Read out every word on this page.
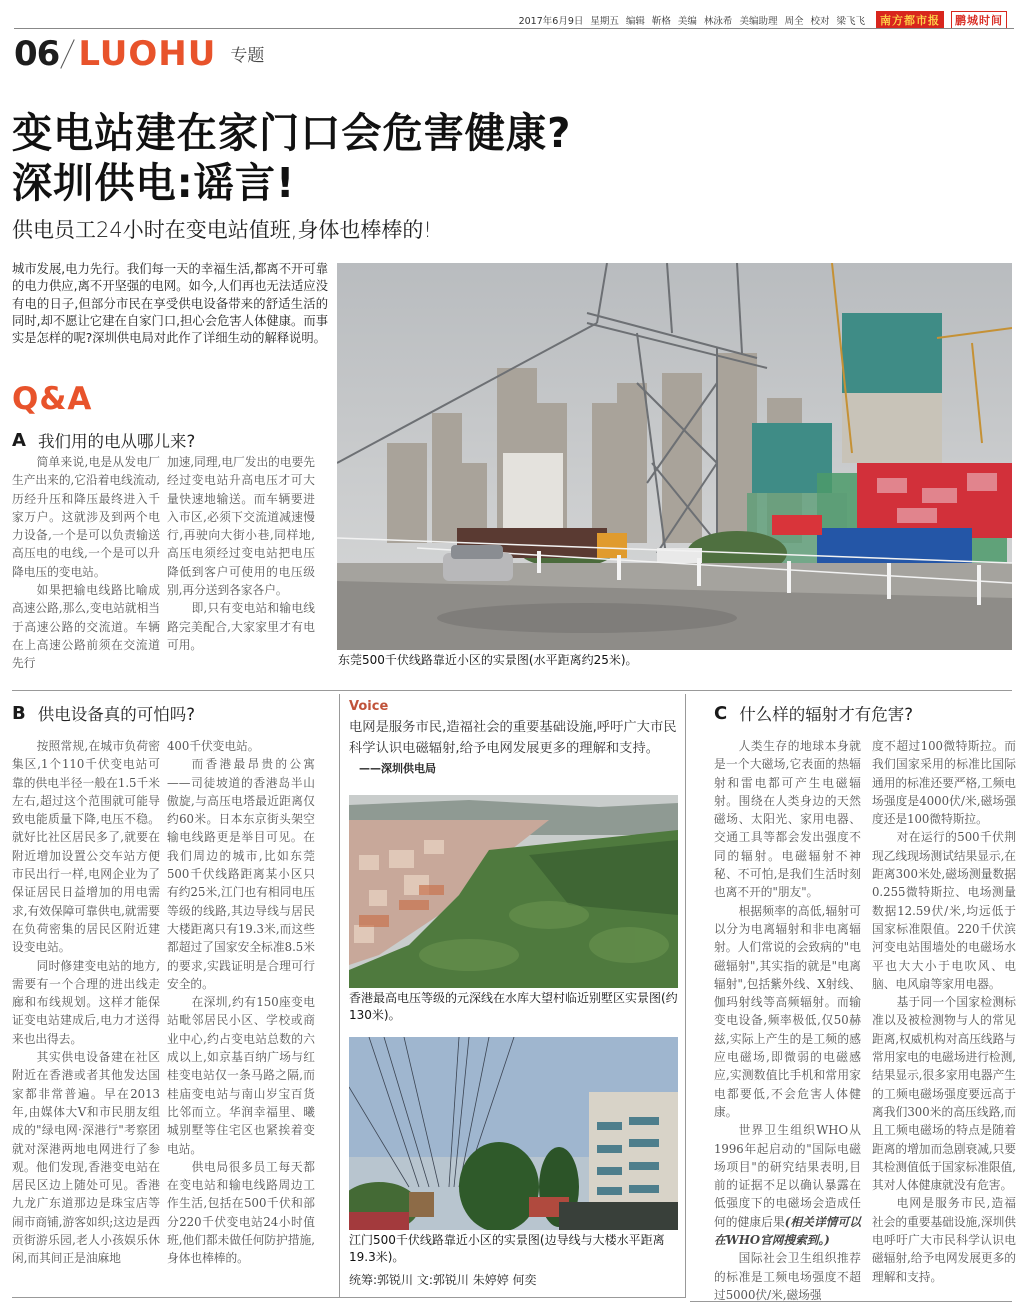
2017年6月9日 星期五 编辑 靳格 美编 林泳希 美编助理 周全 校对 梁飞飞	南方都市报	鹏城时间
06 LUOHU 专题
变电站建在家门口会危害健康?
深圳供电:谣言!
供电员工24小时在变电站值班,身体也棒棒的!
城市发展,电力先行。我们每一天的幸福生活,都离不开可靠的电力供应,离不开坚强的电网。如今,人们再也无法适应没有电的日子,但部分市民在享受供电设备带来的舒适生活的同时,却不愿让它建在自家门口,担心会危害人体健康。而事实是怎样的呢?深圳供电局对此作了详细生动的解释说明。
Q&A
A 我们用的电从哪儿来?

简单来说,电是从发电厂生产出来的,它沿着电线流动,历经升压和降压最终进入千家万户。这就涉及到两个电力设备,一个是可以负责输送高压电的电线,一个是可以升降电压的变电站。

如果把输电线路比喻成高速公路,那么,变电站就相当于高速公路的交流道。车辆在上高速公路前须在交流道先行

加速,同理,电厂发出的电要先经过变电站升高电压才可大量快速地输送。而车辆要进入市区,必须下交流道减速慢行,再驶向大街小巷,同样地,高压电须经过变电站把电压降低到客户可使用的电压级别,再分送到各家各户。

即,只有变电站和输电线路完美配合,大家家里才有电可用。

东莞500千伏线路靠近小区的实景图(水平距离约25米)。
B 供电设备真的可怕吗?

按照常规,在城市负荷密集区,1个110千伏变电站可靠的供电半径一般在1.5千米左右,超过这个范围就可能导致电能质量下降,电压不稳。就好比社区居民多了,就要在附近增加设置公交车站方便市民出行一样,电网企业为了保证居民日益增加的用电需求,有效保障可靠供电,就需要在负荷密集的居民区附近建设变电站。

同时修建变电站的地方,需要有一个合理的进出线走廊和布线规划。这样才能保证变电站建成后,电力才送得来也出得去。

其实供电设备建在社区附近在香港或者其他发达国家都非常普遍。早在2013年,由媒体大V和市民朋友组成的"绿电网·深港行"考察团就对深港两地电网进行了参观。他们发现,香港变电站在居民区边上随处可见。香港九龙广东道那边是珠宝店等闹市商铺,游客如织;这边是西贡街游乐园,老人小孩娱乐休闲,而其间正是油麻地

400千伏变电站。

而香港最昂贵的公寓——司徒坡道的香港岛半山傲旋,与高压电塔最近距离仅约60米。日本东京街头架空输电线路更是举目可见。在我们周边的城市,比如东莞500千伏线路距离某小区只有约25米,江门也有相同电压等级的线路,其边导线与居民大楼距离只有19.3米,而这些都超过了国家安全标准8.5米的要求,实践证明是合理可行安全的。

在深圳,约有150座变电站毗邻居民小区、学校或商业中心,约占变电站总数的六成以上,如京基百纳广场与红桂变电站仅一条马路之隔,而桂庙变电站与南山岁宝百货比邻而立。华润幸福里、曦城别墅等住宅区也紧挨着变电站。

供电局很多员工每天都在变电站和输电线路周边工作生活,包括在500千伏和部分220千伏变电站24小时值班,他们都未做任何防护措施,身体也棒棒的。

Voice
电网是服务市民,造福社会的重要基础设施,呼吁广大市民科学认识电磁辐射,给予电网发展更多的理解和支持。——深圳供电局
香港最高电压等级的元深线在水库大望村临近别墅区实景图(约130米)。
江门500千伏线路靠近小区的实景图(边导线与大楼水平距离19.3米)。
统筹:郭锐川 文:郭锐川 朱婷婷 何奕
C 什么样的辐射才有危害?

人类生存的地球本身就是一个大磁场,它表面的热辐射和雷电都可产生电磁辐射。围绕在人类身边的天然磁场、太阳光、家用电器、交通工具等都会发出强度不同的辐射。电磁辐射不神秘、不可怕,是我们生活时刻也离不开的"朋友"。

根据频率的高低,辐射可以分为电离辐射和非电离辐射。人们常说的会致病的"电磁辐射",其实指的就是"电离辐射",包括紫外线、X射线、伽玛射线等高频辐射。而输变电设备,频率极低,仅50赫兹,实际上产生的是工频的感应电磁场,即微弱的电磁感应,实测数值比手机和常用家电都要低,不会危害人体健康。

世界卫生组织WHO从1996年起启动的"国际电磁场项目"的研究结果表明,目前的证据不足以确认暴露在低强度下的电磁场会造成任何的健康后果(相关详情可以在WHO官网搜索到。)

国际社会卫生组织推荐的标准是工频电场强度不超过5000伏/米,磁场强

度不超过100微特斯拉。而我们国家采用的标准比国际通用的标准还要严格,工频电场强度是4000伏/米,磁场强度还是100微特斯拉。

对在运行的500千伏荆现乙线现场测试结果显示,在距离300米处,磁场测量数据0.255微特斯拉、电场测量数据12.59伏/米,均远低于国家标准限值。220千伏滨河变电站围墙处的电磁场水平也大大小于电吹风、电脑、电风扇等家用电器。

基于同一个国家检测标准以及被检测物与人的常见距离,权威机构对高压线路与常用家电的电磁场进行检测,结果显示,很多家用电器产生的工频电磁场强度要远高于离我们300米的高压线路,而且工频电磁场的特点是随着距离的增加而急剧衰减,只要其检测值低于国家标准限值,其对人体健康就没有危害。

电网是服务市民,造福社会的重要基础设施,深圳供电呼吁广大市民科学认识电磁辐射,给予电网发展更多的理解和支持。
